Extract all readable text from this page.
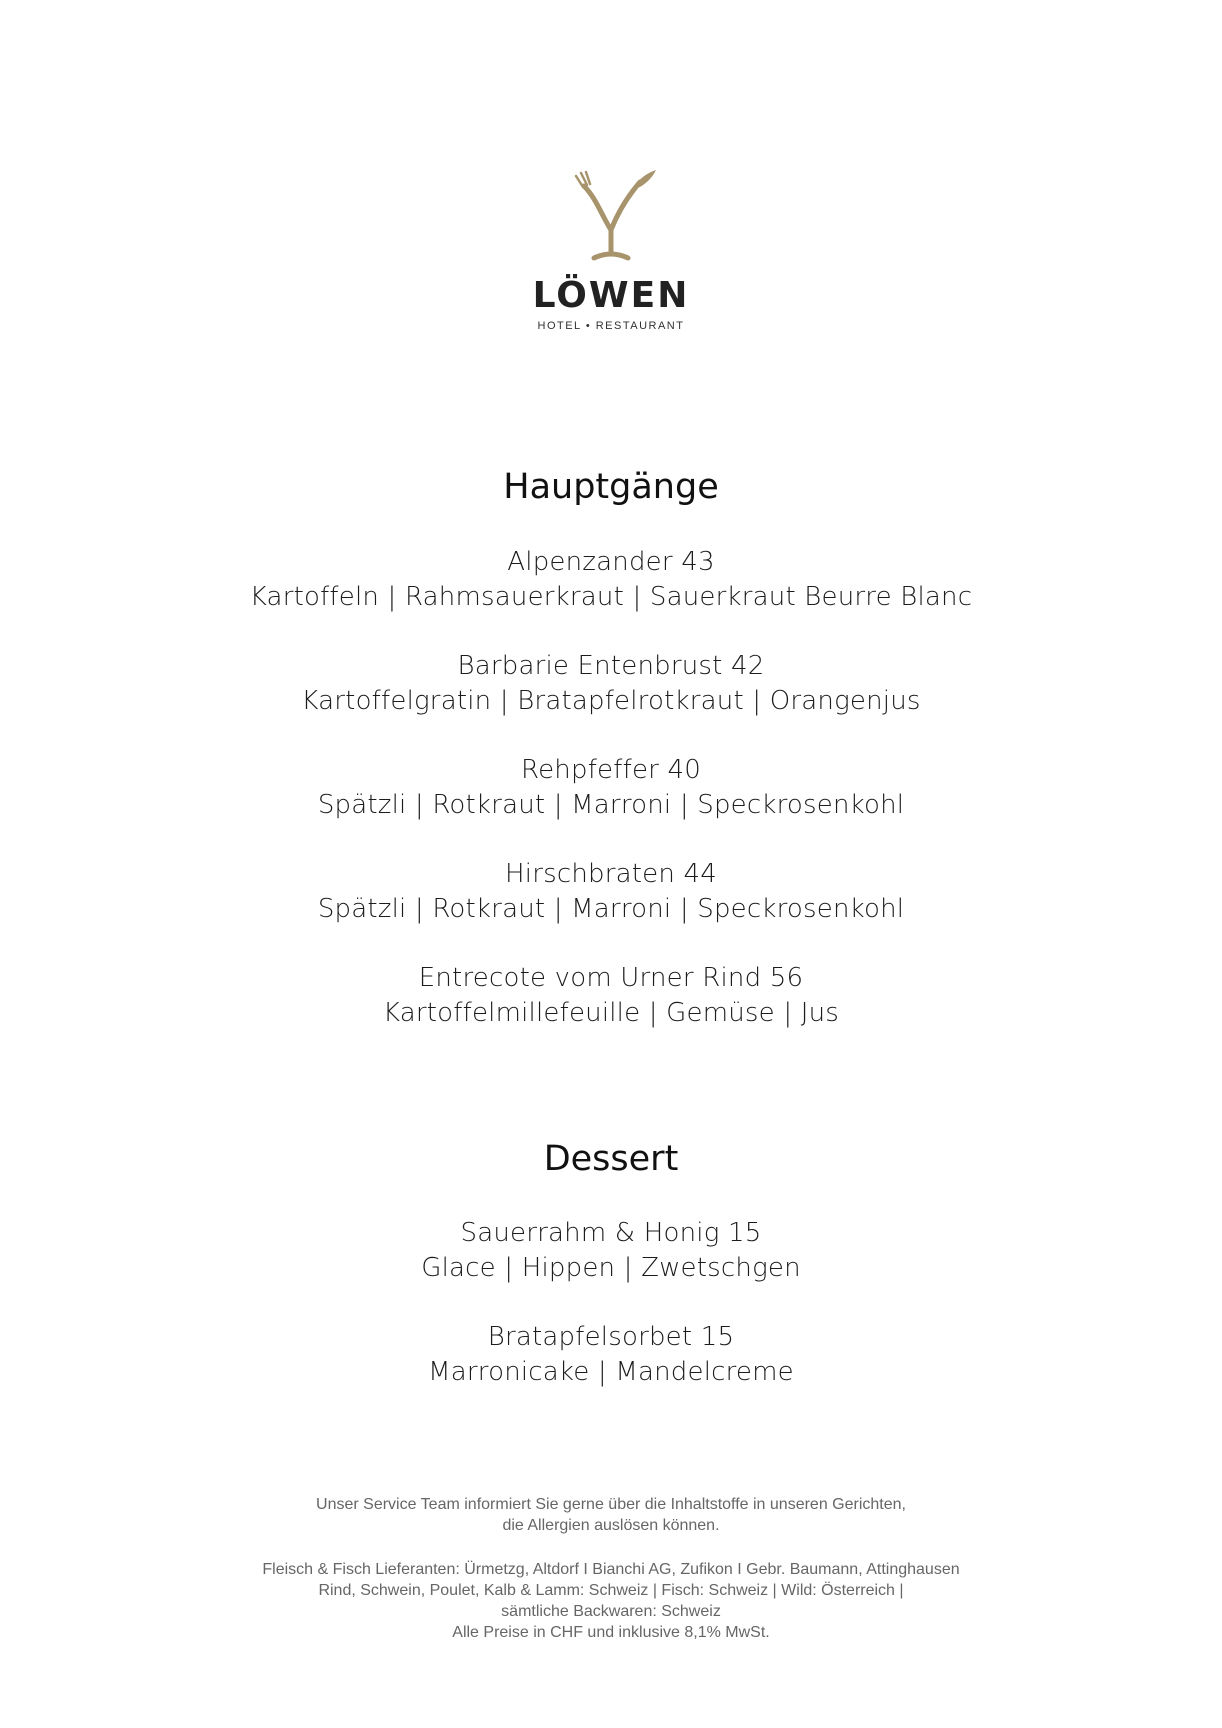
LÖWEN
HOTEL • RESTAURANT
Hauptgänge
Alpenzander 43
Kartoffeln | Rahmsauerkraut | Sauerkraut Beurre Blanc
Barbarie Entenbrust 42
Kartoffelgratin | Bratapfelrotkraut | Orangenjus
Rehpfeffer 40
Spätzli | Rotkraut | Marroni | Speckrosenkohl
Hirschbraten 44
Spätzli | Rotkraut | Marroni | Speckrosenkohl
Entrecote vom Urner Rind 56
Kartoffelmillefeuille | Gemüse | Jus
Dessert
Sauerrahm & Honig 15
Glace | Hippen | Zwetschgen
Bratapfelsorbet 15
Marronicake | Mandelcreme
Unser Service Team informiert Sie gerne über die Inhaltstoffe in unseren Gerichten,
die Allergien auslösen können.
Fleisch & Fisch Lieferanten: Ürmetzg, Altdorf I Bianchi AG, Zufikon I Gebr. Baumann, Attinghausen
Rind, Schwein, Poulet, Kalb & Lamm: Schweiz | Fisch: Schweiz | Wild: Österreich |
sämtliche Backwaren: Schweiz
Alle Preise in CHF und inklusive 8,1% MwSt.
